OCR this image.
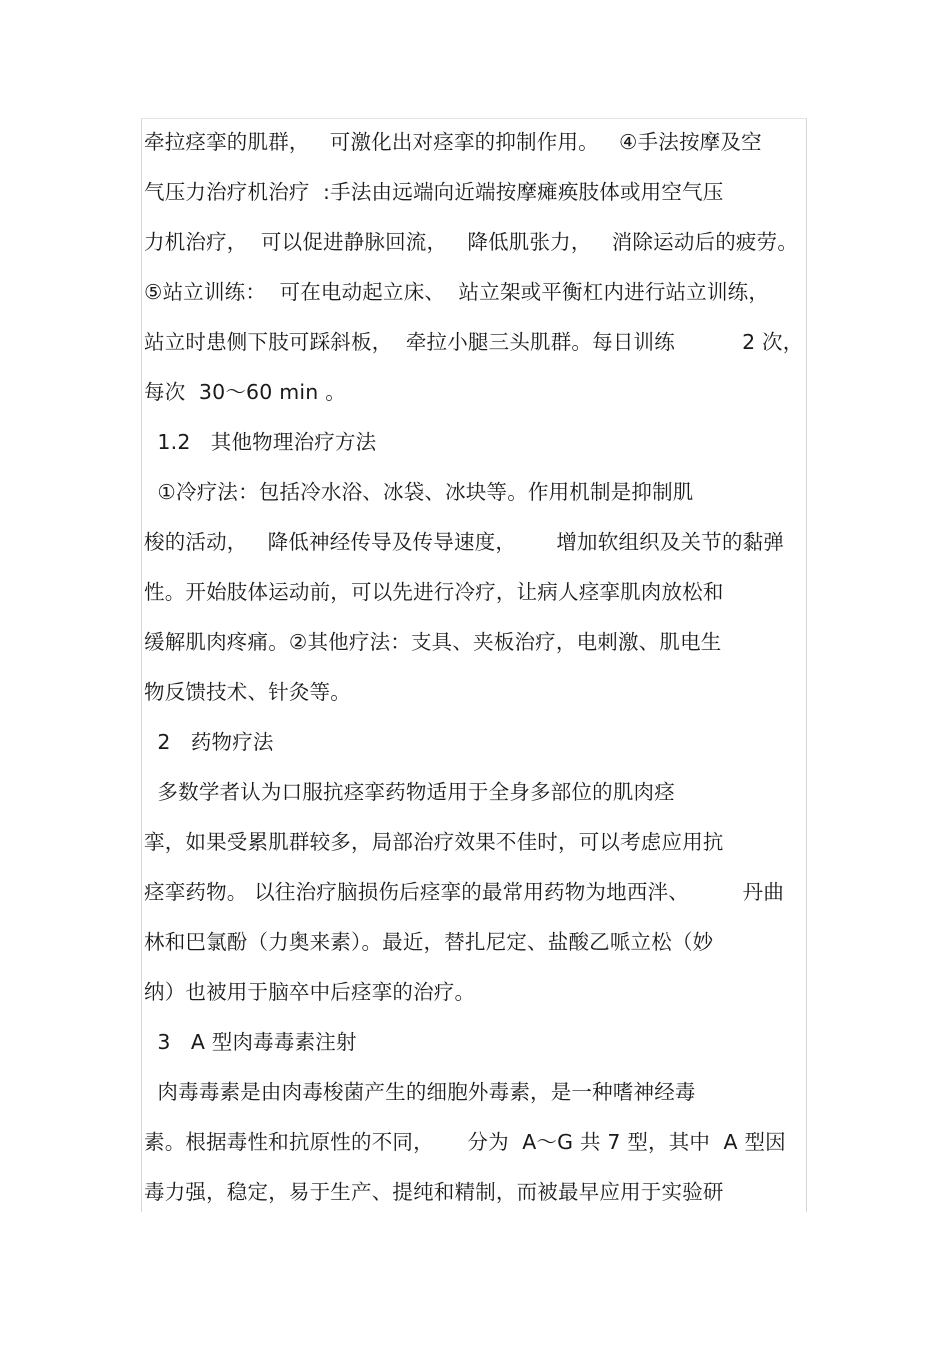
牵拉痉挛的肌群，   可激化出对痉挛的抑制作用。   ④手法按摩及空
气压力治疗机治疗  :手法由远端向近端按摩瘫痪肢体或用空气压
力机治疗，  可以促进静脉回流，   降低肌张力，   消除运动后的疲劳。
⑤站立训练：  可在电动起立床、  站立架或平衡杠内进行站立训练，
站立时患侧下肢可踩斜板，  牵拉小腿三头肌群。每日训练          2 次，
每次  30～60 min 。
1.2   其他物理治疗方法
①冷疗法：包括冷水浴、冰袋、冰块等。作用机制是抑制肌
梭的活动，   降低神经传导及传导速度，      增加软组织及关节的黏弹
性。开始肢体运动前，可以先进行冷疗，让病人痉挛肌肉放松和
缓解肌肉疼痛。②其他疗法：支具、夹板治疗，电刺激、肌电生
物反馈技术、针灸等。
2   药物疗法
多数学者认为口服抗痉挛药物适用于全身多部位的肌肉痉
挛，如果受累肌群较多，局部治疗效果不佳时，可以考虑应用抗
痉挛药物。 以往治疗脑损伤后痉挛的最常用药物为地西泮、        丹曲
林和巴氯酚（力奥来素）。最近，替扎尼定、盐酸乙哌立松（妙
纳）也被用于脑卒中后痉挛的治疗。
3   A 型肉毒毒素注射
肉毒毒素是由肉毒梭菌产生的细胞外毒素，是一种嗜神经毒
素。根据毒性和抗原性的不同，     分为  A～G 共 7 型，其中  A 型因
毒力强，稳定，易于生产、提纯和精制，而被最早应用于实验研
